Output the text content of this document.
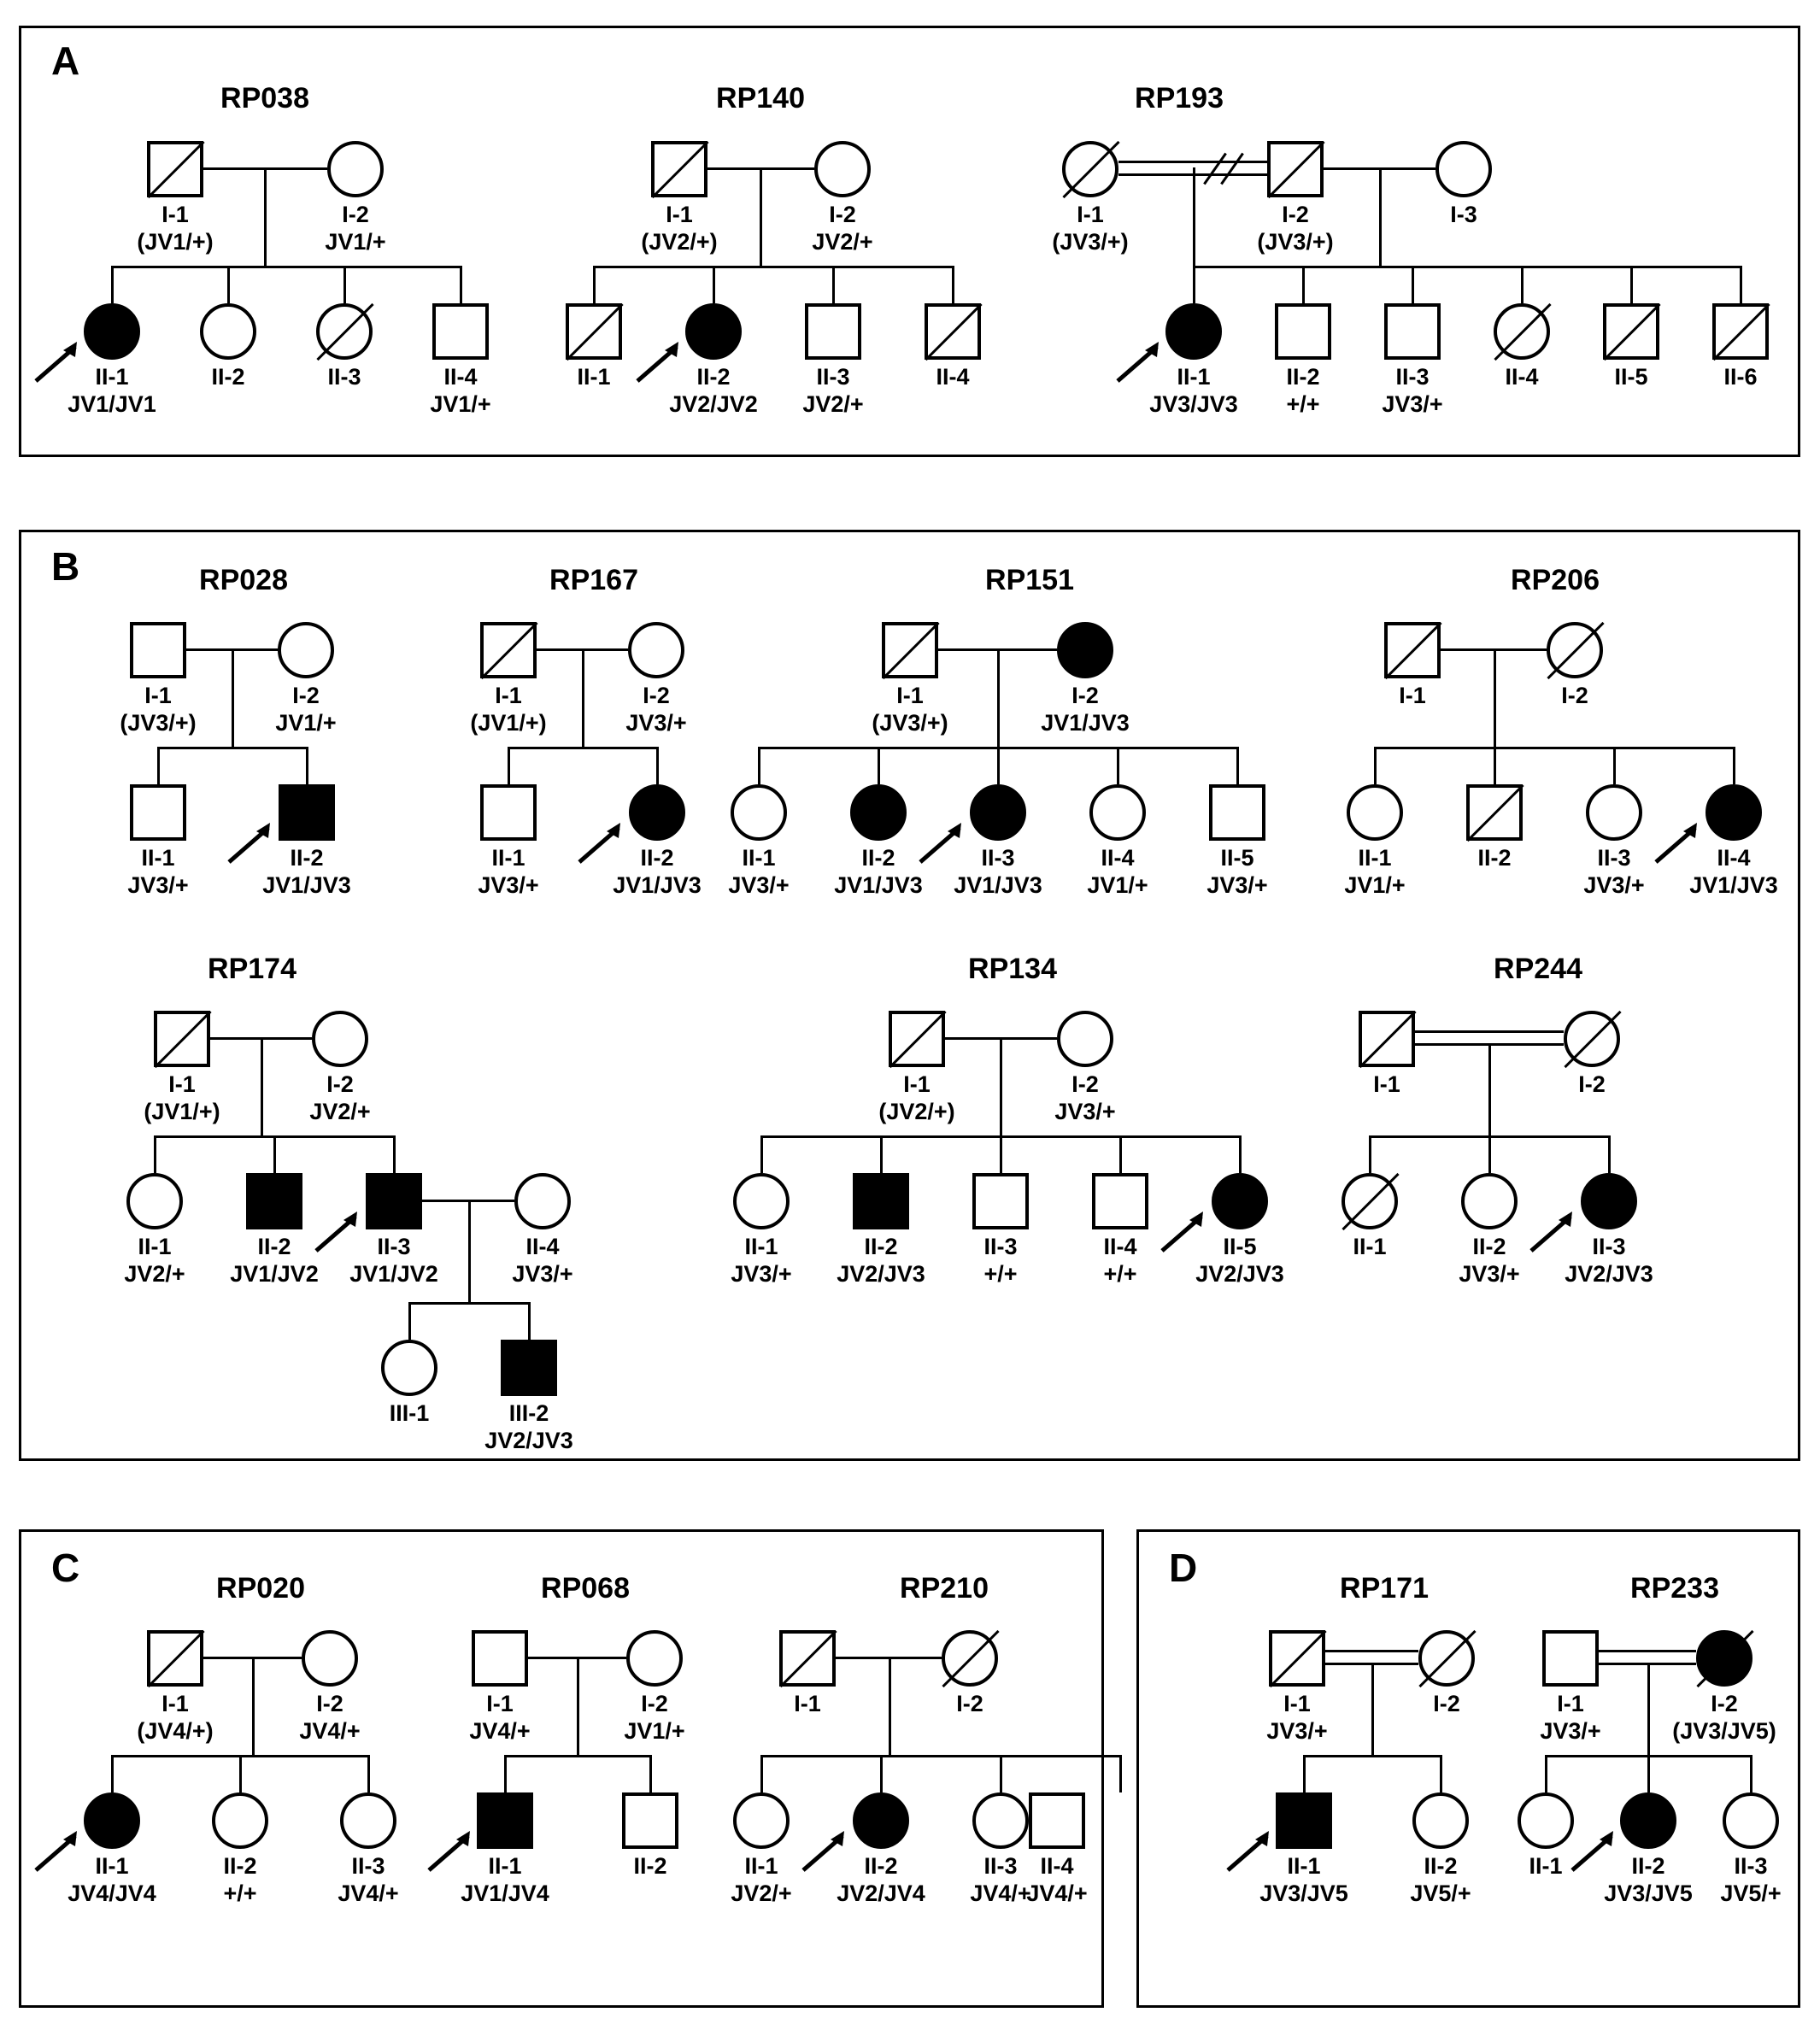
A
RP038
I-1
(JV1/+)
I-2
JV1/+
II-1
JV1/JV1
II-2	II-3	II-4
JV1/+
RP140
I-1
(JV2/+)
I-2
JV2/+
II-1	II-2
JV2/JV2
II-3
JV2/+
II-4
RP193
I-1
(JV3/+)
I-2
(JV3/+)
I-3
II-1
JV3/JV3
II-2
+/+
II-3
JV3/+
II-4	II-5	II-6
B	RP028
I-1
(JV3/+)
I-2
JV1/+
II-1
JV3/+
II-2
JV1/JV3
RP167
I-1
(JV1/+)
I-2
JV3/+
II-1
JV3/+
II-2
JV1/JV3
RP151
I-1
(JV3/+)
I-2
JV1/JV3
II-1
JV3/+
II-2
JV1/JV3
II-3
JV1/JV3
II-4
JV1/+
II-5
JV3/+
RP206
I-1	I-2
II-1
JV1/+
II-2	II-3
JV3/+
II-4
JV1/JV3
RP174
I-1
(JV1/+)
I-2
JV2/+
II-1
JV2/+
II-2
JV1/JV2
II-3
JV1/JV2
II-4
JV3/+
III-1	III-2
JV2/JV3
RP134
I-1
(JV2/+)
I-2
JV3/+
II-1
JV3/+
II-2
JV2/JV3
II-3
+/+
II-4
+/+
II-5
JV2/JV3
RP244
I-1	I-2
II-1	II-2
JV3/+
II-3
JV2/JV3
C	RP020
I-1
(JV4/+)
I-2
JV4/+
II-1
JV4/JV4
II-2
+/+
II-3
JV4/+
RP068
I-1
JV4/+
I-2
JV1/+
II-1
JV1/JV4
II-2
RP210
I-1	I-2
II-1
JV2/+
II-2
JV2/JV4
II-3
JV4/+
II-4
JV4/+
D	RP171
I-1
JV3/+
I-2
II-1
JV3/JV5
II-2
JV5/+
RP233
I-1
JV3/+
I-2
(JV3/JV5)
II-1	II-2
JV3/JV5
II-3
JV5/+
